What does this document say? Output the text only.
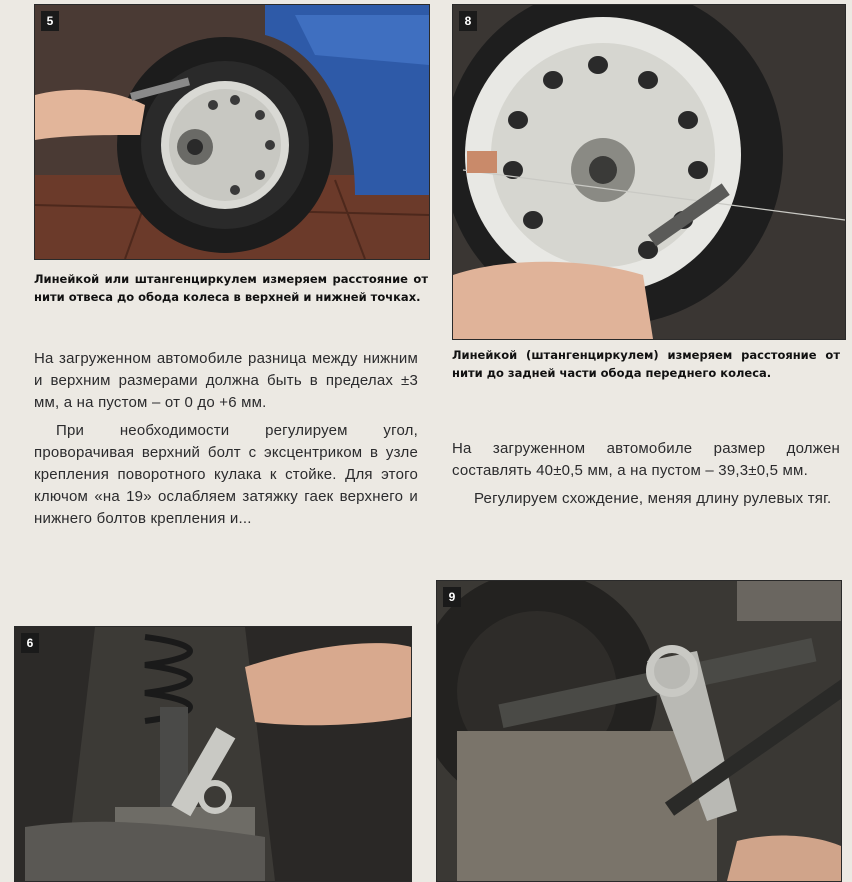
5
Линейкой или штангенциркулем измеряем расстояние от нити отвеса до обода колеса в верхней и нижней точках.

На загруженном автомобиле разница между нижним и верхним размерами должна быть в пределах ±3 мм, а на пустом – от 0 до +6 мм.

При необходимости регулируем угол, проворачивая верхний болт с эксцентриком в узле крепления поворотного кулака к стойке. Для этого ключом «на 19» ослабляем затяжку гаек верхнего и нижнего болтов крепления и...

8
Линейкой (штангенциркулем) измеряем расстояние от нити до задней части обода переднего колеса.

На загруженном автомобиле размер должен составлять 40±0,5 мм, а на пустом – 39,3±0,5 мм.

Регулируем схождение, меняя длину рулевых тяг.

6
9
